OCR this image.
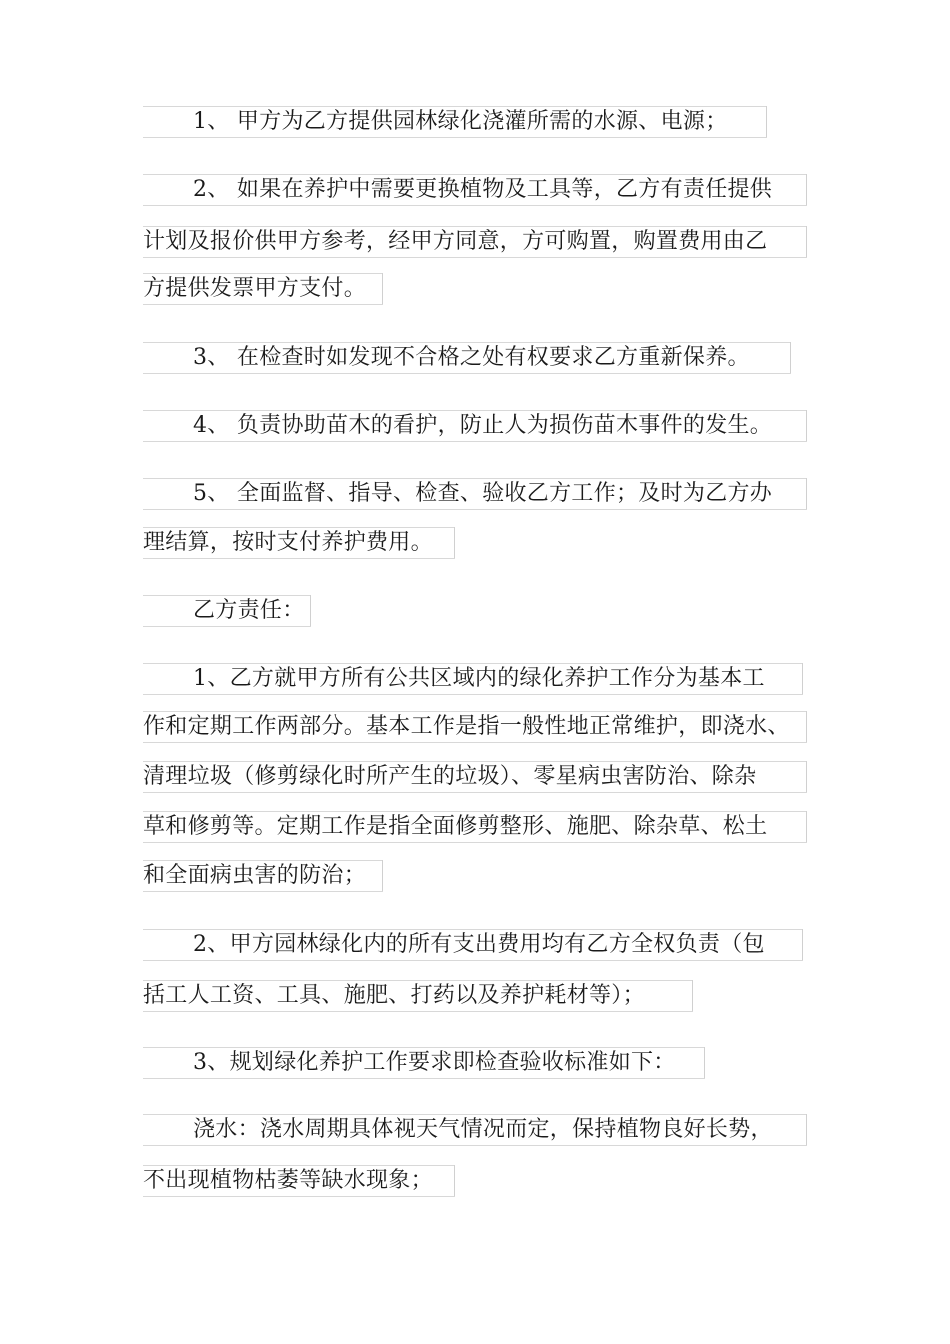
1、 甲方为乙方提供园林绿化浇灌所需的水源、电源；
2、 如果在养护中需要更换植物及工具等，乙方有责任提供
计划及报价供甲方参考，经甲方同意，方可购置，购置费用由乙
方提供发票甲方支付。
3、 在检查时如发现不合格之处有权要求乙方重新保养。
4、 负责协助苗木的看护，防止人为损伤苗木事件的发生。
5、 全面监督、指导、检查、验收乙方工作；及时为乙方办
理结算，按时支付养护费用。
乙方责任：
1、乙方就甲方所有公共区域内的绿化养护工作分为基本工
作和定期工作两部分。基本工作是指一般性地正常维护，即浇水、
清理垃圾（修剪绿化时所产生的垃圾）、零星病虫害防治、除杂
草和修剪等。定期工作是指全面修剪整形、施肥、除杂草、松土
和全面病虫害的防治；
2、甲方园林绿化内的所有支出费用均有乙方全权负责（包
括工人工资、工具、施肥、打药以及养护耗材等）；
3、规划绿化养护工作要求即检查验收标准如下：
浇水：浇水周期具体视天气情况而定，保持植物良好长势，
不出现植物枯萎等缺水现象；
